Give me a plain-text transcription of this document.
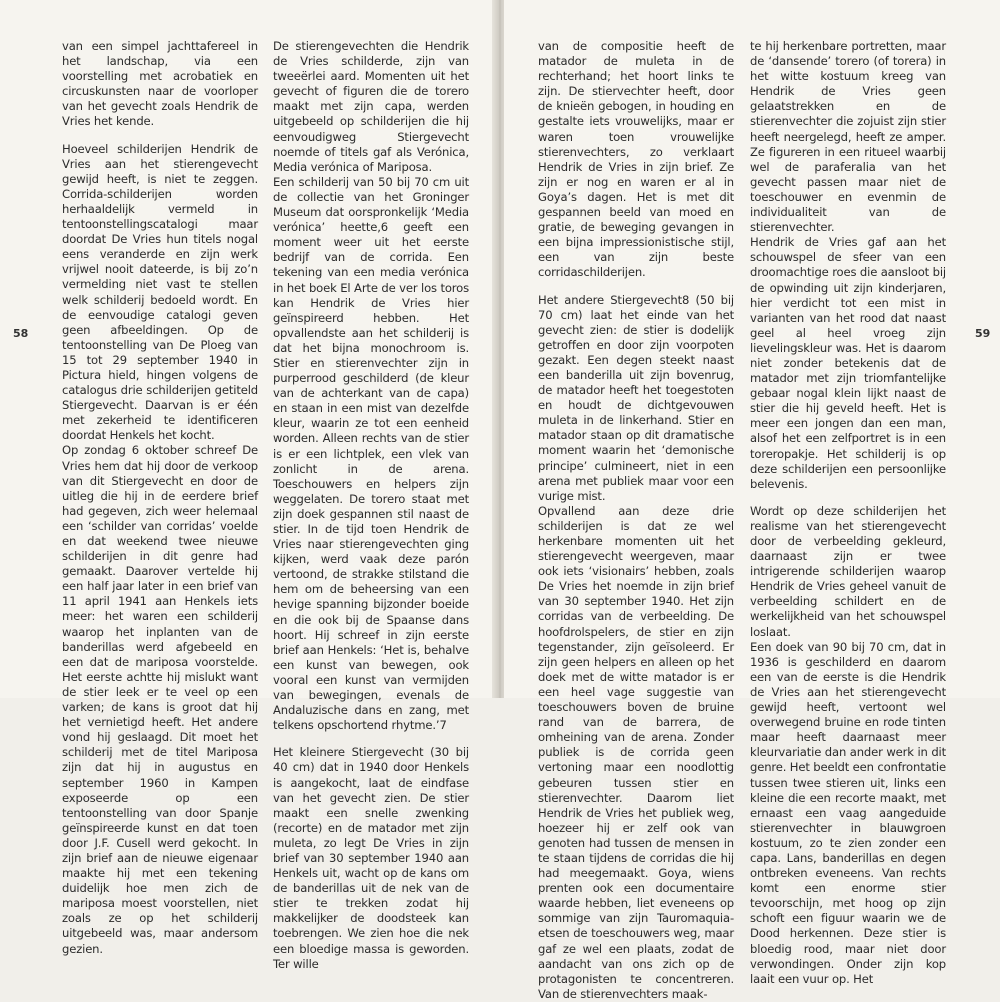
van een simpel jachttafereel in het landschap, via een voorstelling met acrobatiek en circuskunsten naar de voorloper van het gevecht zoals Hendrik de Vries het kende.

Hoeveel schilderijen Hendrik de Vries aan het stierengevecht gewijd heeft, is niet te zeggen. Corrida-schilderijen worden herhaaldelijk vermeld in tentoonstellingscatalogi maar doordat De Vries hun titels nogal eens veranderde en zijn werk vrijwel nooit dateerde, is bij zo’n vermelding niet vast te stellen welk schilderij bedoeld wordt. En de eenvoudige catalogi geven geen afbeeldingen. Op de tentoonstelling van De Ploeg van 15 tot 29 september 1940 in Pictura hield, hingen volgens de catalogus drie schilderijen getiteld Stiergevecht. Daarvan is er één met zekerheid te identificeren doordat Henkels het kocht.

Op zondag 6 oktober schreef De Vries hem dat hij door de verkoop van dit Stiergevecht en door de uitleg die hij in de eerdere brief had gegeven, zich weer helemaal een ‘schilder van corridas’ voelde en dat weekend twee nieuwe schilderijen in dit genre had gemaakt. Daarover vertelde hij een half jaar later in een brief van 11 april 1941 aan Henkels iets meer: het waren een schilderij waarop het inplanten van de banderillas werd afgebeeld en een dat de mariposa voorstelde. Het eerste achtte hij mislukt want de stier leek er te veel op een varken; de kans is groot dat hij het vernietigd heeft. Het andere vond hij geslaagd. Dit moet het schilderij met de titel Mariposa zijn dat hij in augustus en september 1960 in Kampen exposeerde op een tentoonstelling van door Spanje geïnspireerde kunst en dat toen door J.F. Cusell werd gekocht. In zijn brief aan de nieuwe eigenaar maakte hij met een tekening duidelijk hoe men zich de mariposa moest voorstellen, niet zoals ze op het schilderij uitgebeeld was, maar andersom gezien.

De stierengevechten die Hendrik de Vries schilderde, zijn van tweeërlei aard. Momenten uit het gevecht of figuren die de torero maakt met zijn capa, werden uitgebeeld op schilderijen die hij eenvoudigweg Stiergevecht noemde of titels gaf als Verónica, Media verónica of Mariposa.

Een schilderij van 50 bij 70 cm uit de collectie van het Groninger Museum dat oorspronkelijk ‘Media verónica’ heette,6 geeft een moment weer uit het eerste bedrijf van de corrida. Een tekening van een media verónica in het boek El Arte de ver los toros kan Hendrik de Vries hier geïnspireerd hebben. Het opvallendste aan het schilderij is dat het bijna monochroom is. Stier en stierenvechter zijn in purperrood geschilderd (de kleur van de achterkant van de capa) en staan in een mist van dezelfde kleur, waarin ze tot een eenheid worden. Alleen rechts van de stier is er een lichtplek, een vlek van zonlicht in de arena. Toeschouwers en helpers zijn weggelaten. De torero staat met zijn doek gespannen stil naast de stier. In de tijd toen Hendrik de Vries naar stierengevechten ging kijken, werd vaak deze parón vertoond, de strakke stilstand die hem om de beheersing van een hevige spanning bijzonder boeide en die ook bij de Spaanse dans hoort. Hij schreef in zijn eerste brief aan Henkels: ‘Het is, behalve een kunst van bewegen, ook vooral een kunst van vermijden van bewegingen, evenals de Andaluzische dans en zang, met telkens opschortend rhytme.’7

Het kleinere Stiergevecht (30 bij 40 cm) dat in 1940 door Henkels is aangekocht, laat de eindfase van het gevecht zien. De stier maakt een snelle zwenking (recorte) en de matador met zijn muleta, zo legt De Vries in zijn brief van 30 september 1940 aan Henkels uit, wacht op de kans om de banderillas uit de nek van de stier te trekken zodat hij makkelijker de doodsteek kan toebrengen. We zien hoe die nek een bloedige massa is geworden. Ter wille

58

van de compositie heeft de matador de muleta in de rechterhand; het hoort links te zijn. De stiervechter heeft, door de knieën gebogen, in houding en gestalte iets vrouwelijks, maar er waren toen vrouwelijke stierenvechters, zo verklaart Hendrik de Vries in zijn brief. Ze zijn er nog en waren er al in Goya’s dagen. Het is met dit gespannen beeld van moed en gratie, de beweging gevangen in een bijna impressionistische stijl, een van zijn beste corridaschilderijen.

Het andere Stiergevecht8 (50 bij 70 cm) laat het einde van het gevecht zien: de stier is dodelijk getroffen en door zijn voorpoten gezakt. Een degen steekt naast een banderilla uit zijn bovenrug, de matador heeft het toegestoten en houdt de dichtgevouwen muleta in de linkerhand. Stier en matador staan op dit dramatische moment waarin het ‘demonische principe’ culmineert, niet in een arena met publiek maar voor een vurige mist.

Opvallend aan deze drie schilderijen is dat ze wel herkenbare momenten uit het stierengevecht weergeven, maar ook iets ‘visionairs’ hebben, zoals De Vries het noemde in zijn brief van 30 september 1940. Het zijn corridas van de verbeelding. De hoofdrolspelers, de stier en zijn tegenstander, zijn geïsoleerd. Er zijn geen helpers en alleen op het doek met de witte matador is er een heel vage suggestie van toeschouwers boven de bruine rand van de barrera, de omheining van de arena. Zonder publiek is de corrida geen vertoning maar een noodlottig gebeuren tussen stier en stierenvechter. Daarom liet Hendrik de Vries het publiek weg, hoezeer hij er zelf ook van genoten had tussen de mensen in te staan tijdens de corridas die hij had meegemaakt. Goya, wiens prenten ook een documentaire waarde hebben, liet eveneens op sommige van zijn Tauromaquia-etsen de toeschouwers weg, maar gaf ze wel een plaats, zodat de aandacht van ons zich op de protagonisten te concentreren. Van de stierenvechters maak-

te hij herkenbare portretten, maar de ‘dansende’ torero (of torera) in het witte kostuum kreeg van Hendrik de Vries geen gelaatstrekken en de stierenvechter die zojuist zijn stier heeft neergelegd, heeft ze amper. Ze figureren in een ritueel waarbij wel de paraferalia van het gevecht passen maar niet de toeschouwer en evenmin de individualiteit van de stierenvechter.

Hendrik de Vries gaf aan het schouwspel de sfeer van een droomachtige roes die aansloot bij de opwinding uit zijn kinderjaren, hier verdicht tot een mist in varianten van het rood dat naast geel al heel vroeg zijn lievelingskleur was. Het is daarom niet zonder betekenis dat de matador met zijn triomfantelijke gebaar nogal klein lijkt naast de stier die hij geveld heeft. Het is meer een jongen dan een man, alsof het een zelfportret is in een toreropakje. Het schilderij is op deze schilderijen een persoonlijke belevenis.

Wordt op deze schilderijen het realisme van het stierengevecht door de verbeelding gekleurd, daarnaast zijn er twee intrigerende schilderijen waarop Hendrik de Vries geheel vanuit de verbeelding schildert en de werkelijkheid van het schouwspel loslaat.

Een doek van 90 bij 70 cm, dat in 1936 is geschilderd en daarom een van de eerste is die Hendrik de Vries aan het stierengevecht gewijd heeft, vertoont wel overwegend bruine en rode tinten maar heeft daarnaast meer kleurvariatie dan ander werk in dit genre. Het beeldt een confrontatie tussen twee stieren uit, links een kleine die een recorte maakt, met ernaast een vaag aangeduide stierenvechter in blauwgroen kostuum, zo te zien zonder een capa. Lans, banderillas en degen ontbreken eveneens. Van rechts komt een enorme stier tevoorschijn, met hoog op zijn schoft een figuur waarin we de Dood herkennen. Deze stier is bloedig rood, maar niet door verwondingen. Onder zijn kop laait een vuur op. Het

59
